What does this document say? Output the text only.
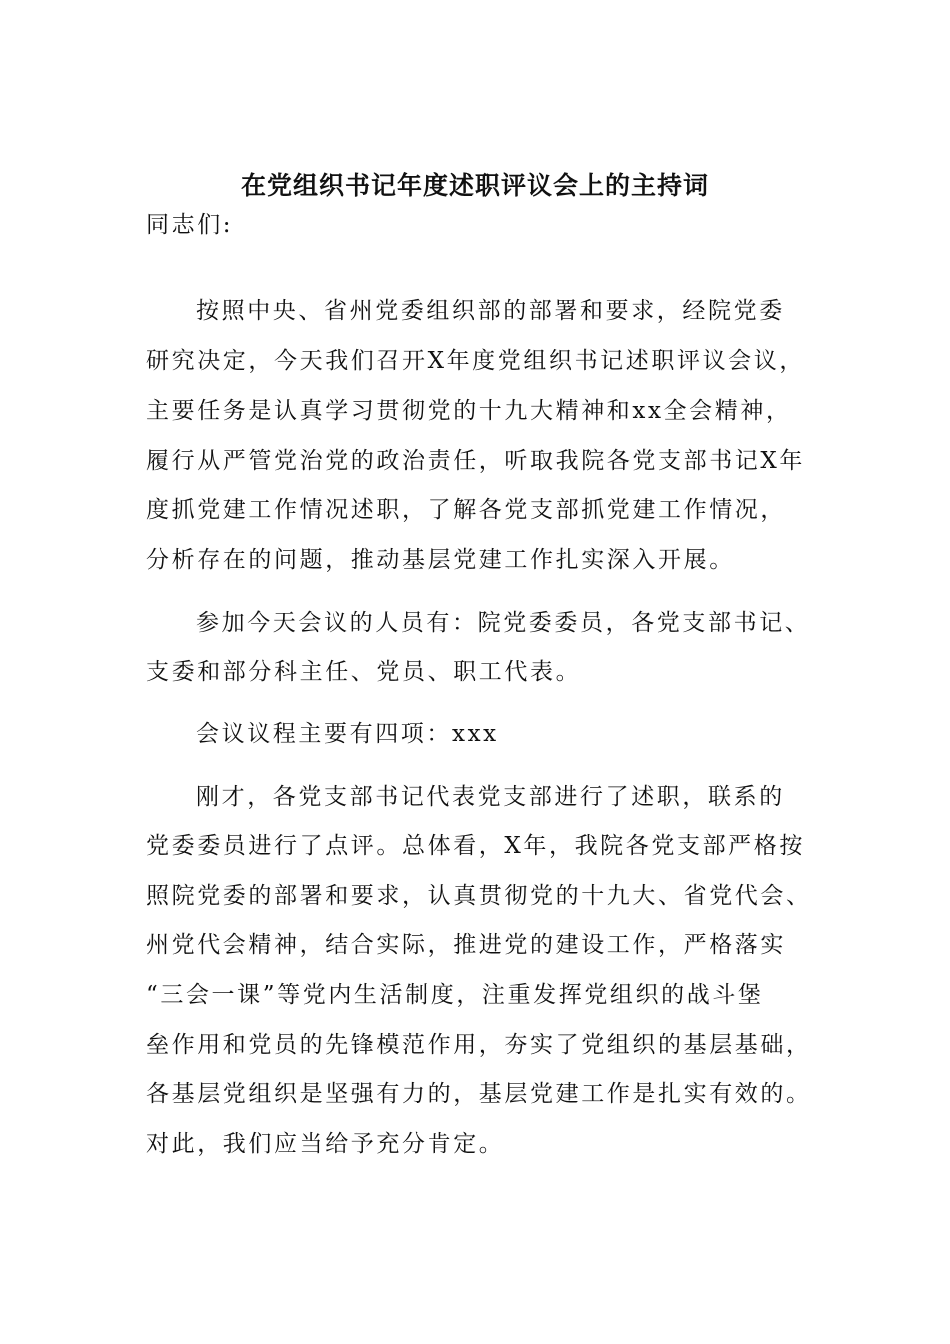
在党组织书记年度述职评议会上的主持词
同志们:
按照中央、省州党委组织部的部署和要求，经院党委
研究决定，今天我们召开X年度党组织书记述职评议会议，
主要任务是认真学习贯彻党的十九大精神和xx全会精神，
履行从严管党治党的政治责任，听取我院各党支部书记X年
度抓党建工作情况述职，了解各党支部抓党建工作情况，
分析存在的问题，推动基层党建工作扎实深入开展。
参加今天会议的人员有：院党委委员，各党支部书记、
支委和部分科主任、党员、职工代表。
会议议程主要有四项：xxx
刚才，各党支部书记代表党支部进行了述职，联系的
党委委员进行了点评。总体看，X年，我院各党支部严格按
照院党委的部署和要求，认真贯彻党的十九大、省党代会、
州党代会精神，结合实际，推进党的建设工作，严格落实
“三会一课”等党内生活制度，注重发挥党组织的战斗堡
垒作用和党员的先锋模范作用，夯实了党组织的基层基础，
各基层党组织是坚强有力的，基层党建工作是扎实有效的。
对此，我们应当给予充分肯定。
